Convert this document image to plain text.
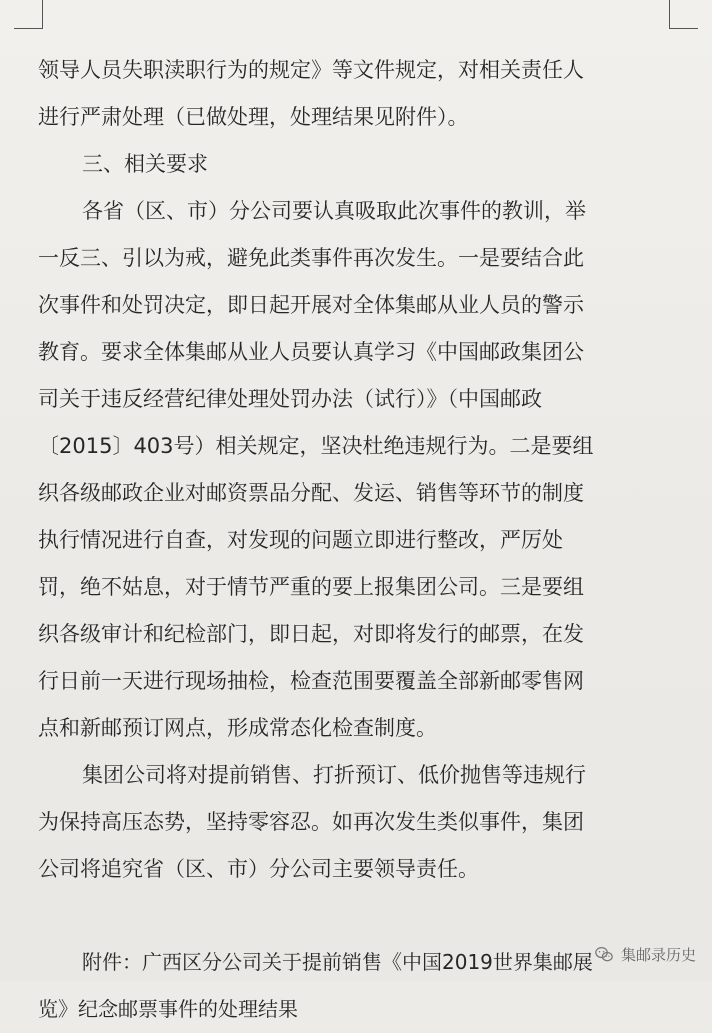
领导人员失职渎职行为的规定》等文件规定，对相关责任人
进行严肃处理（已做处理，处理结果见附件）。
三、相关要求
各省（区、市）分公司要认真吸取此次事件的教训，举
一反三、引以为戒，避免此类事件再次发生。一是要结合此
次事件和处罚决定，即日起开展对全体集邮从业人员的警示
教育。要求全体集邮从业人员要认真学习《中国邮政集团公
司关于违反经营纪律处理处罚办法（试行）》（中国邮政
〔2015〕403号）相关规定，坚决杜绝违规行为。二是要组
织各级邮政企业对邮资票品分配、发运、销售等环节的制度
执行情况进行自查，对发现的问题立即进行整改，严厉处
罚，绝不姑息，对于情节严重的要上报集团公司。三是要组
织各级审计和纪检部门，即日起，对即将发行的邮票，在发
行日前一天进行现场抽检，检查范围要覆盖全部新邮零售网
点和新邮预订网点，形成常态化检查制度。
集团公司将对提前销售、打折预订、低价抛售等违规行
为保持高压态势，坚持零容忍。如再次发生类似事件，集团
公司将追究省（区、市）分公司主要领导责任。
附件：广西区分公司关于提前销售《中国2019世界集邮展
览》纪念邮票事件的处理结果
集邮录历史
